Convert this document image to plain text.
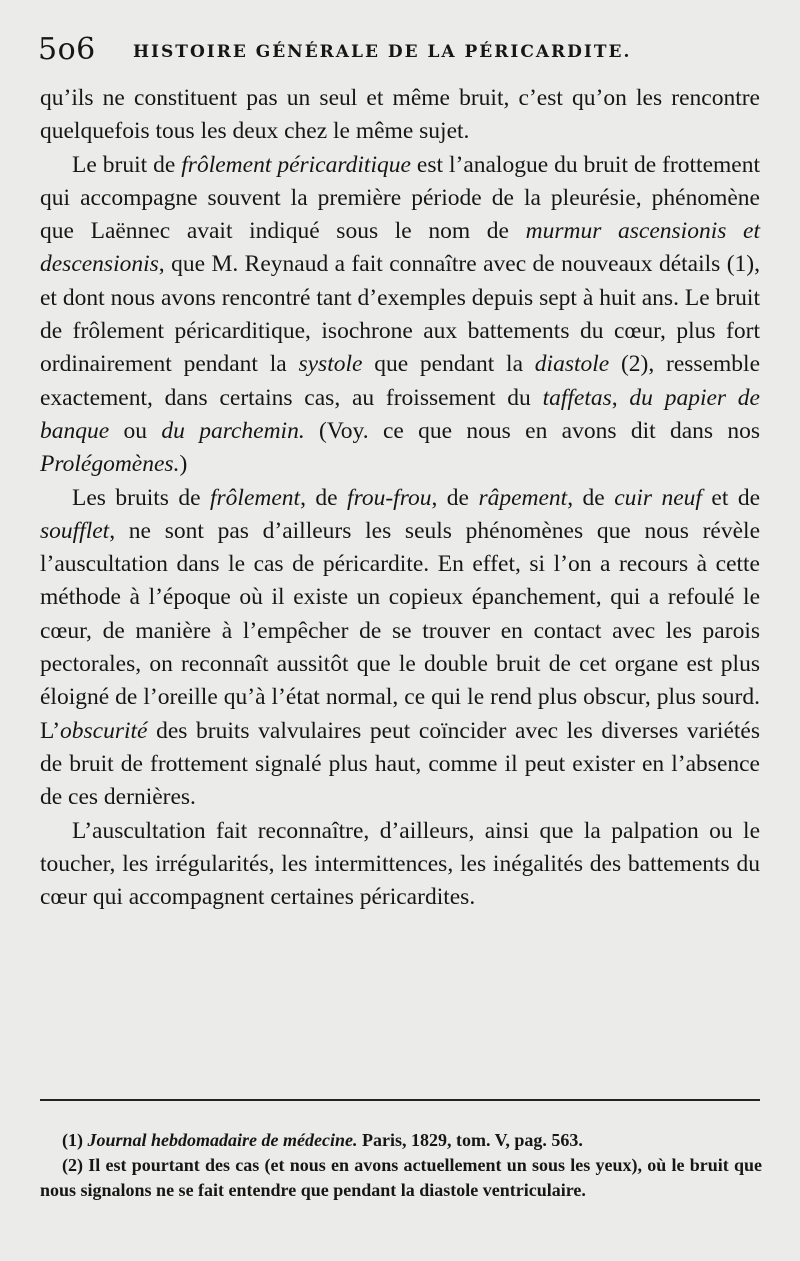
5o6 HISTOIRE GÉNÉRALE DE LA PÉRICARDITE.

qu’ils ne constituent pas un seul et même bruit, c’est qu’on les rencontre quelquefois tous les deux chez le même sujet.

Le bruit de frôlement péricarditique est l’analogue du bruit de frottement qui accompagne souvent la première période de la pleurésie, phénomène que Laënnec avait indiqué sous le nom de murmur ascensionis et descensionis, que M. Reynaud a fait connaître avec de nouveaux détails (1), et dont nous avons rencontré tant d’exemples depuis sept à huit ans. Le bruit de frôlement péricarditique, isochrone aux battements du cœur, plus fort ordinairement pendant la systole que pendant la diastole (2), ressemble exactement, dans certains cas, au froissement du taffetas, du papier de banque ou du parchemin. (Voy. ce que nous en avons dit dans nos Prolégomènes.)

Les bruits de frôlement, de frou-frou, de râpement, de cuir neuf et de soufflet, ne sont pas d’ailleurs les seuls phénomènes que nous révèle l’auscultation dans le cas de péricardite. En effet, si l’on a recours à cette méthode à l’époque où il existe un copieux épanchement, qui a refoulé le cœur, de manière à l’empêcher de se trouver en contact avec les parois pectorales, on reconnaît aussitôt que le double bruit de cet organe est plus éloigné de l’oreille qu’à l’état normal, ce qui le rend plus obscur, plus sourd. L’obscurité des bruits valvulaires peut coïncider avec les diverses variétés de bruit de frottement signalé plus haut, comme il peut exister en l’absence de ces dernières.

L’auscultation fait reconnaître, d’ailleurs, ainsi que la palpation ou le toucher, les irrégularités, les intermittences, les inégalités des battements du cœur qui accompagnent certaines péricardites.

(1) Journal hebdomadaire de médecine. Paris, 1829, tom. V, pag. 563.

(2) Il est pourtant des cas (et nous en avons actuellement un sous les yeux), où le bruit que nous signalons ne se fait entendre que pendant la diastole ventriculaire.
